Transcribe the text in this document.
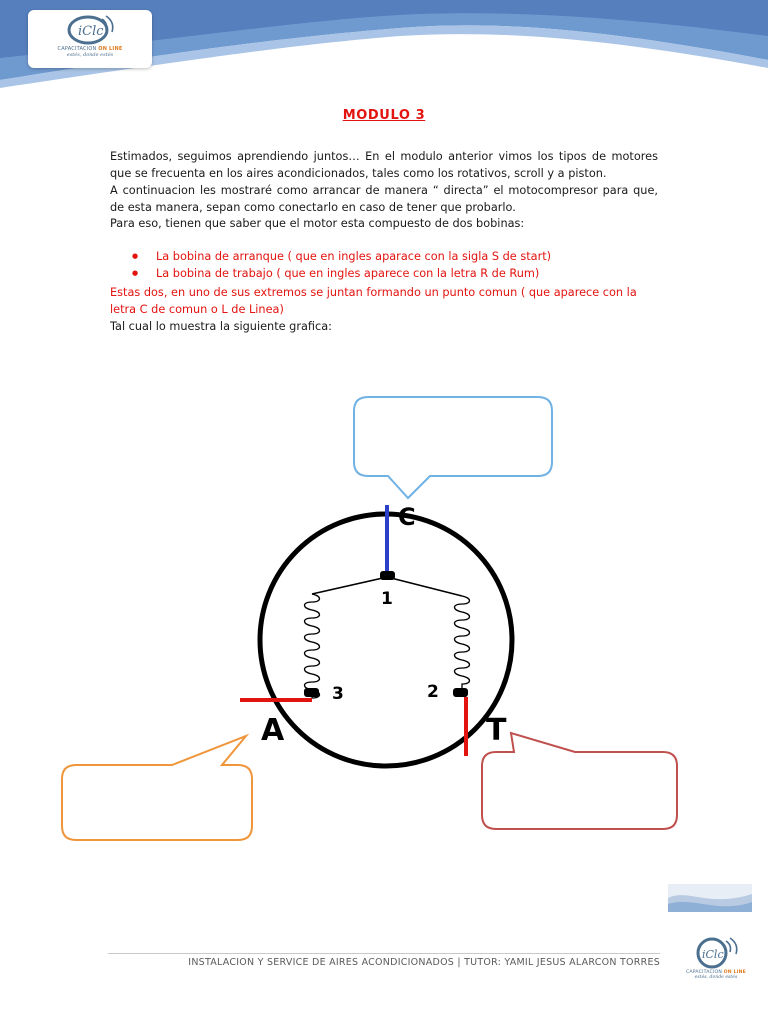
iClc
CAPACITACION ON LINE
estés, donde estés
MODULO 3

Estimados, seguimos aprendiendo juntos… En el modulo anterior vimos los tipos de motores que se frecuenta en los aires acondicionados, tales como los rotativos, scroll y a piston.

A continuacion les mostraré como arrancar de manera “ directa” el motocompresor para que, de esta manera, sepan como conectarlo en caso de tener que probarlo.

Para eso, tienen que saber que el motor esta compuesto de dos bobinas:

● La bobina de arranque ( que en ingles aparace con la sigla S de start)
● La bobina de trabajo ( que en ingles aparece con la letra R de Rum)

Estas dos, en uno de sus extremos se juntan formando un punto comun ( que aparece con la letra C de comun o L de Linea)

Tal cual lo muestra la siguiente grafica:

C
1
3	2
A	T
INSTALACION Y SERVICE DE AIRES ACONDICIONADOS | TUTOR: YAMIL JESUS ALARCON TORRES
iClc
CAPACITACION ON LINE
estés, donde estés
